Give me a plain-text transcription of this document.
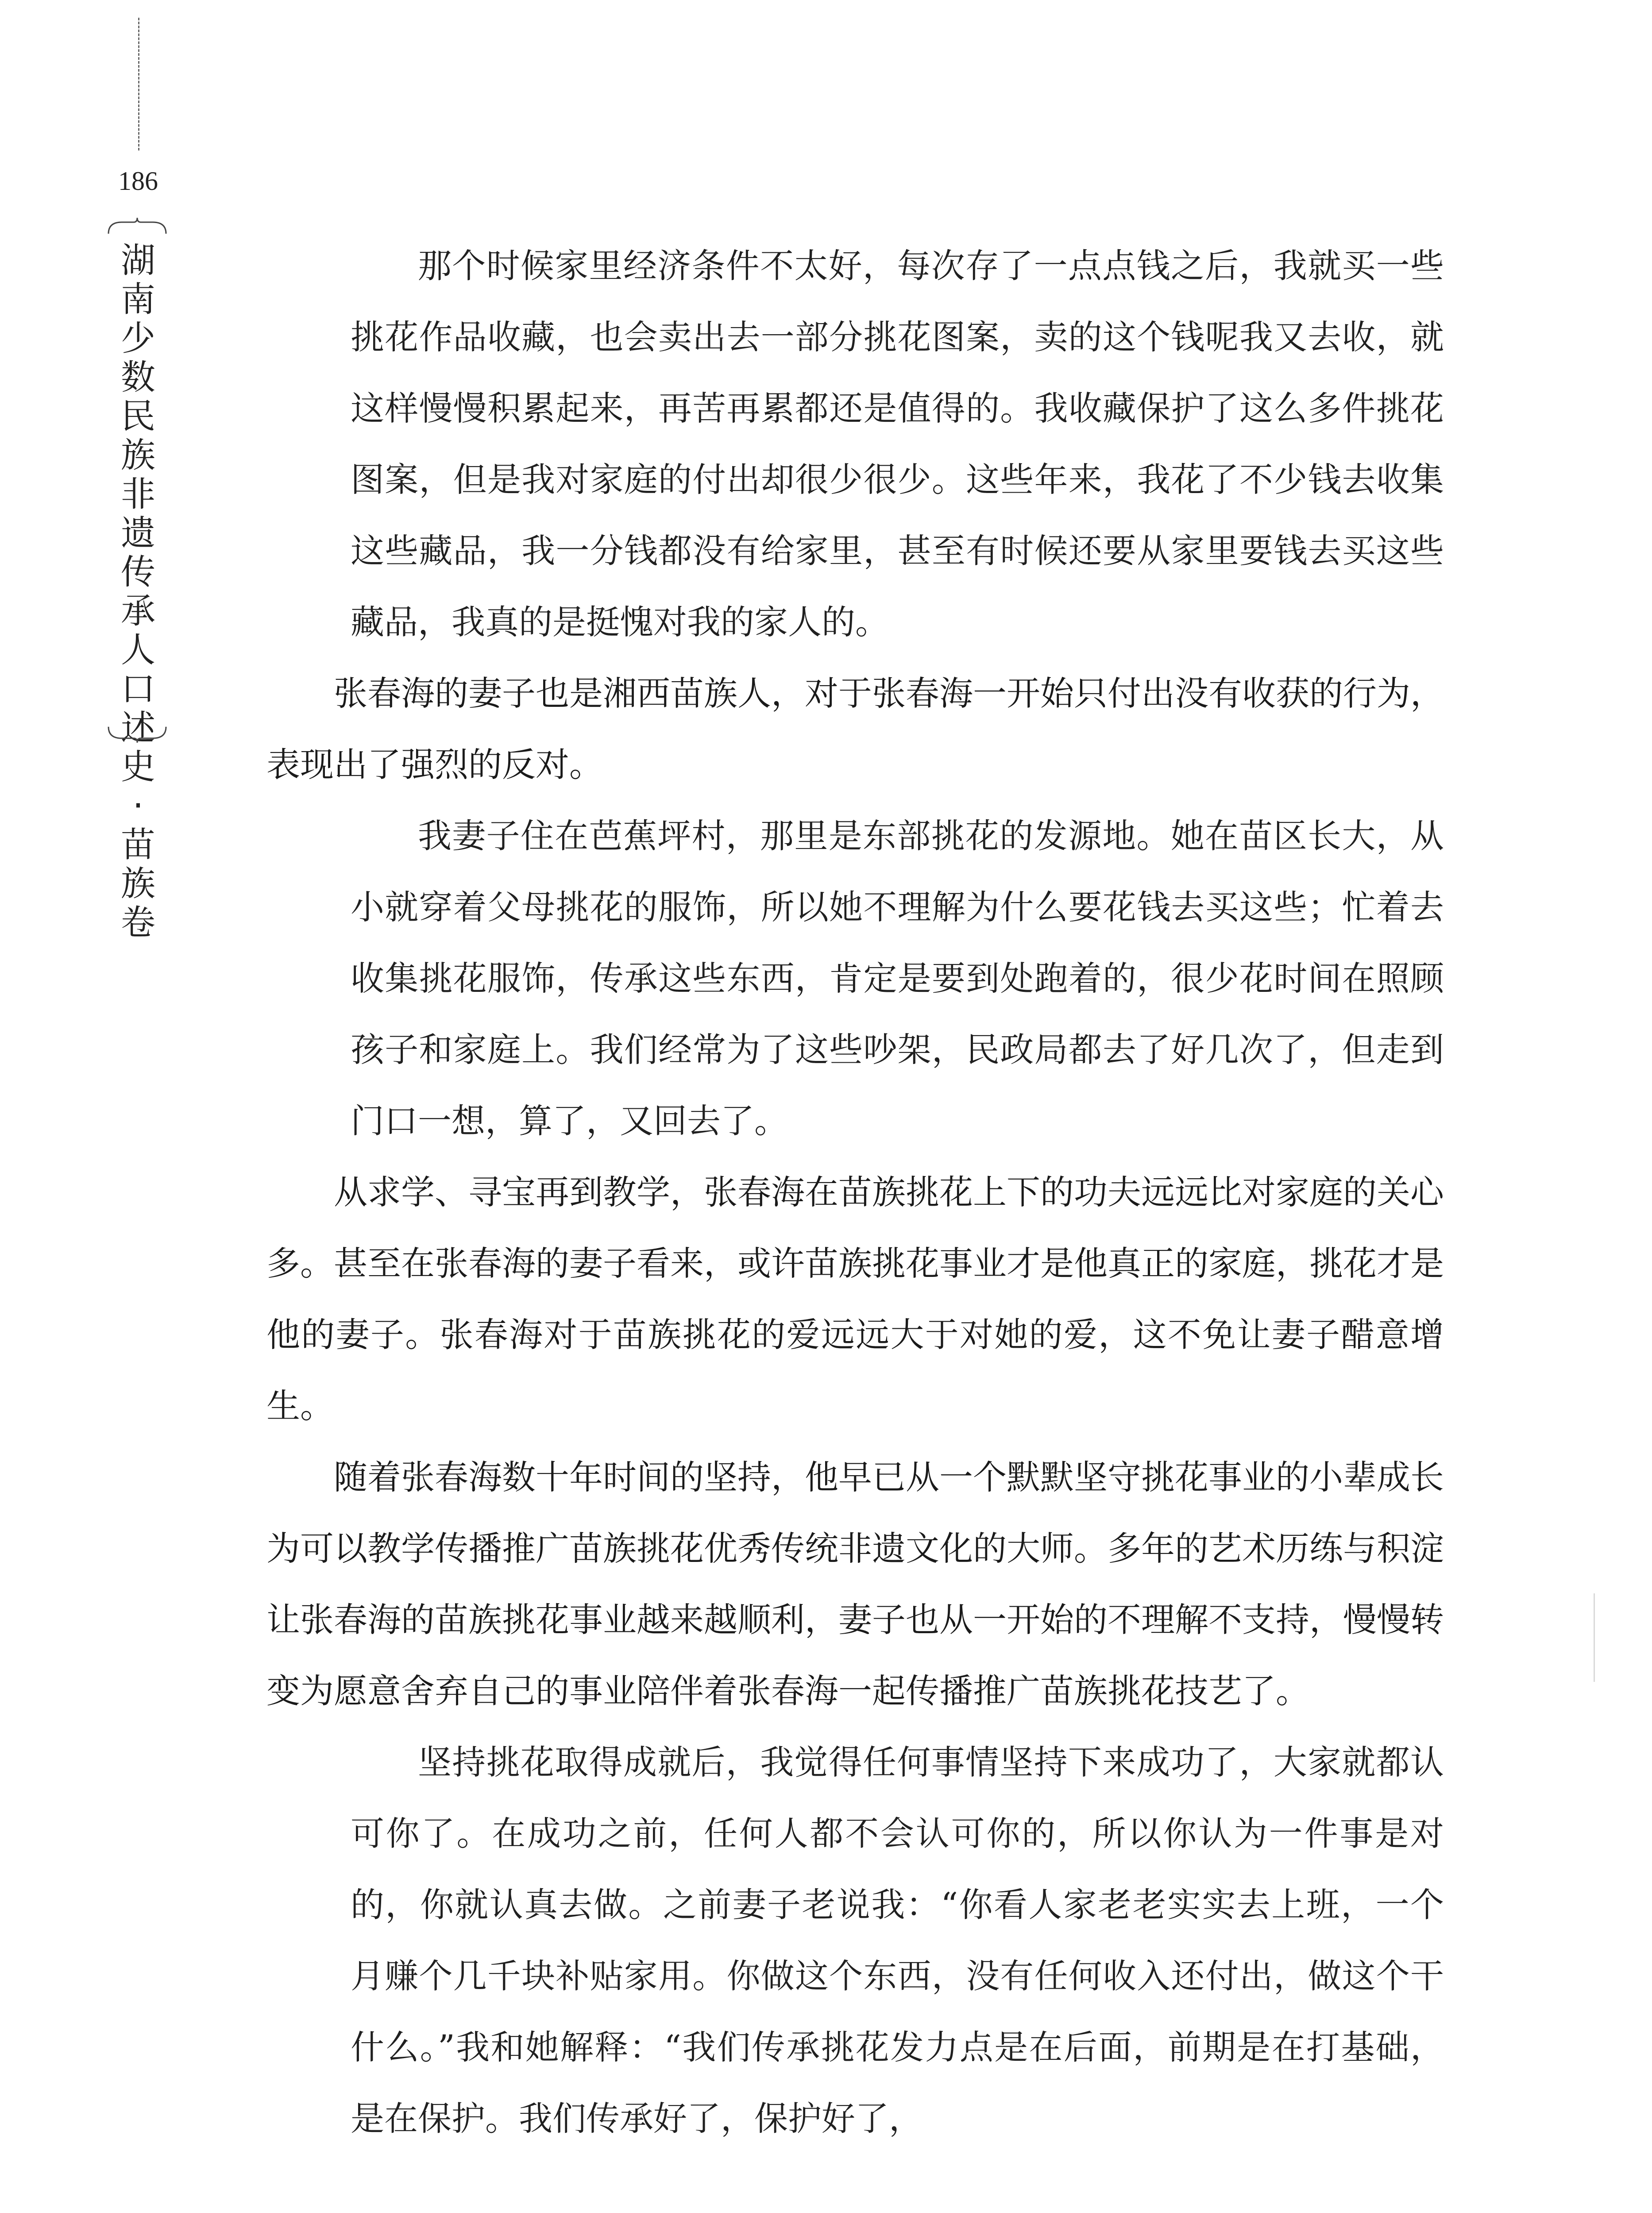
186
湖南少数民族非遗传承人口述史·苗族卷

那个时候家里经济条件不太好，每次存了一点点钱之后，我就买一些挑花作品收藏，也会卖出去一部分挑花图案，卖的这个钱呢我又去收，就这样慢慢积累起来，再苦再累都还是值得的。我收藏保护了这么多件挑花图案，但是我对家庭的付出却很少很少。这些年来，我花了不少钱去收集这些藏品，我一分钱都没有给家里，甚至有时候还要从家里要钱去买这些藏品，我真的是挺愧对我的家人的。

张春海的妻子也是湘西苗族人，对于张春海一开始只付出没有收获的行为，表现出了强烈的反对。

我妻子住在芭蕉坪村，那里是东部挑花的发源地。她在苗区长大，从小就穿着父母挑花的服饰，所以她不理解为什么要花钱去买这些；忙着去收集挑花服饰，传承这些东西，肯定是要到处跑着的，很少花时间在照顾孩子和家庭上。我们经常为了这些吵架，民政局都去了好几次了，但走到门口一想，算了，又回去了。

从求学、寻宝再到教学，张春海在苗族挑花上下的功夫远远比对家庭的关心多。甚至在张春海的妻子看来，或许苗族挑花事业才是他真正的家庭，挑花才是他的妻子。张春海对于苗族挑花的爱远远大于对她的爱，这不免让妻子醋意增生。

随着张春海数十年时间的坚持，他早已从一个默默坚守挑花事业的小辈成长为可以教学传播推广苗族挑花优秀传统非遗文化的大师。多年的艺术历练与积淀让张春海的苗族挑花事业越来越顺利，妻子也从一开始的不理解不支持，慢慢转变为愿意舍弃自己的事业陪伴着张春海一起传播推广苗族挑花技艺了。

坚持挑花取得成就后，我觉得任何事情坚持下来成功了，大家就都认可你了。在成功之前，任何人都不会认可你的，所以你认为一件事是对的，你就认真去做。之前妻子老说我：“你看人家老老实实去上班，一个月赚个几千块补贴家用。你做这个东西，没有任何收入还付出，做这个干什么。”我和她解释：“我们传承挑花发力点是在后面，前期是在打基础，是在保护。我们传承好了，保护好了，
